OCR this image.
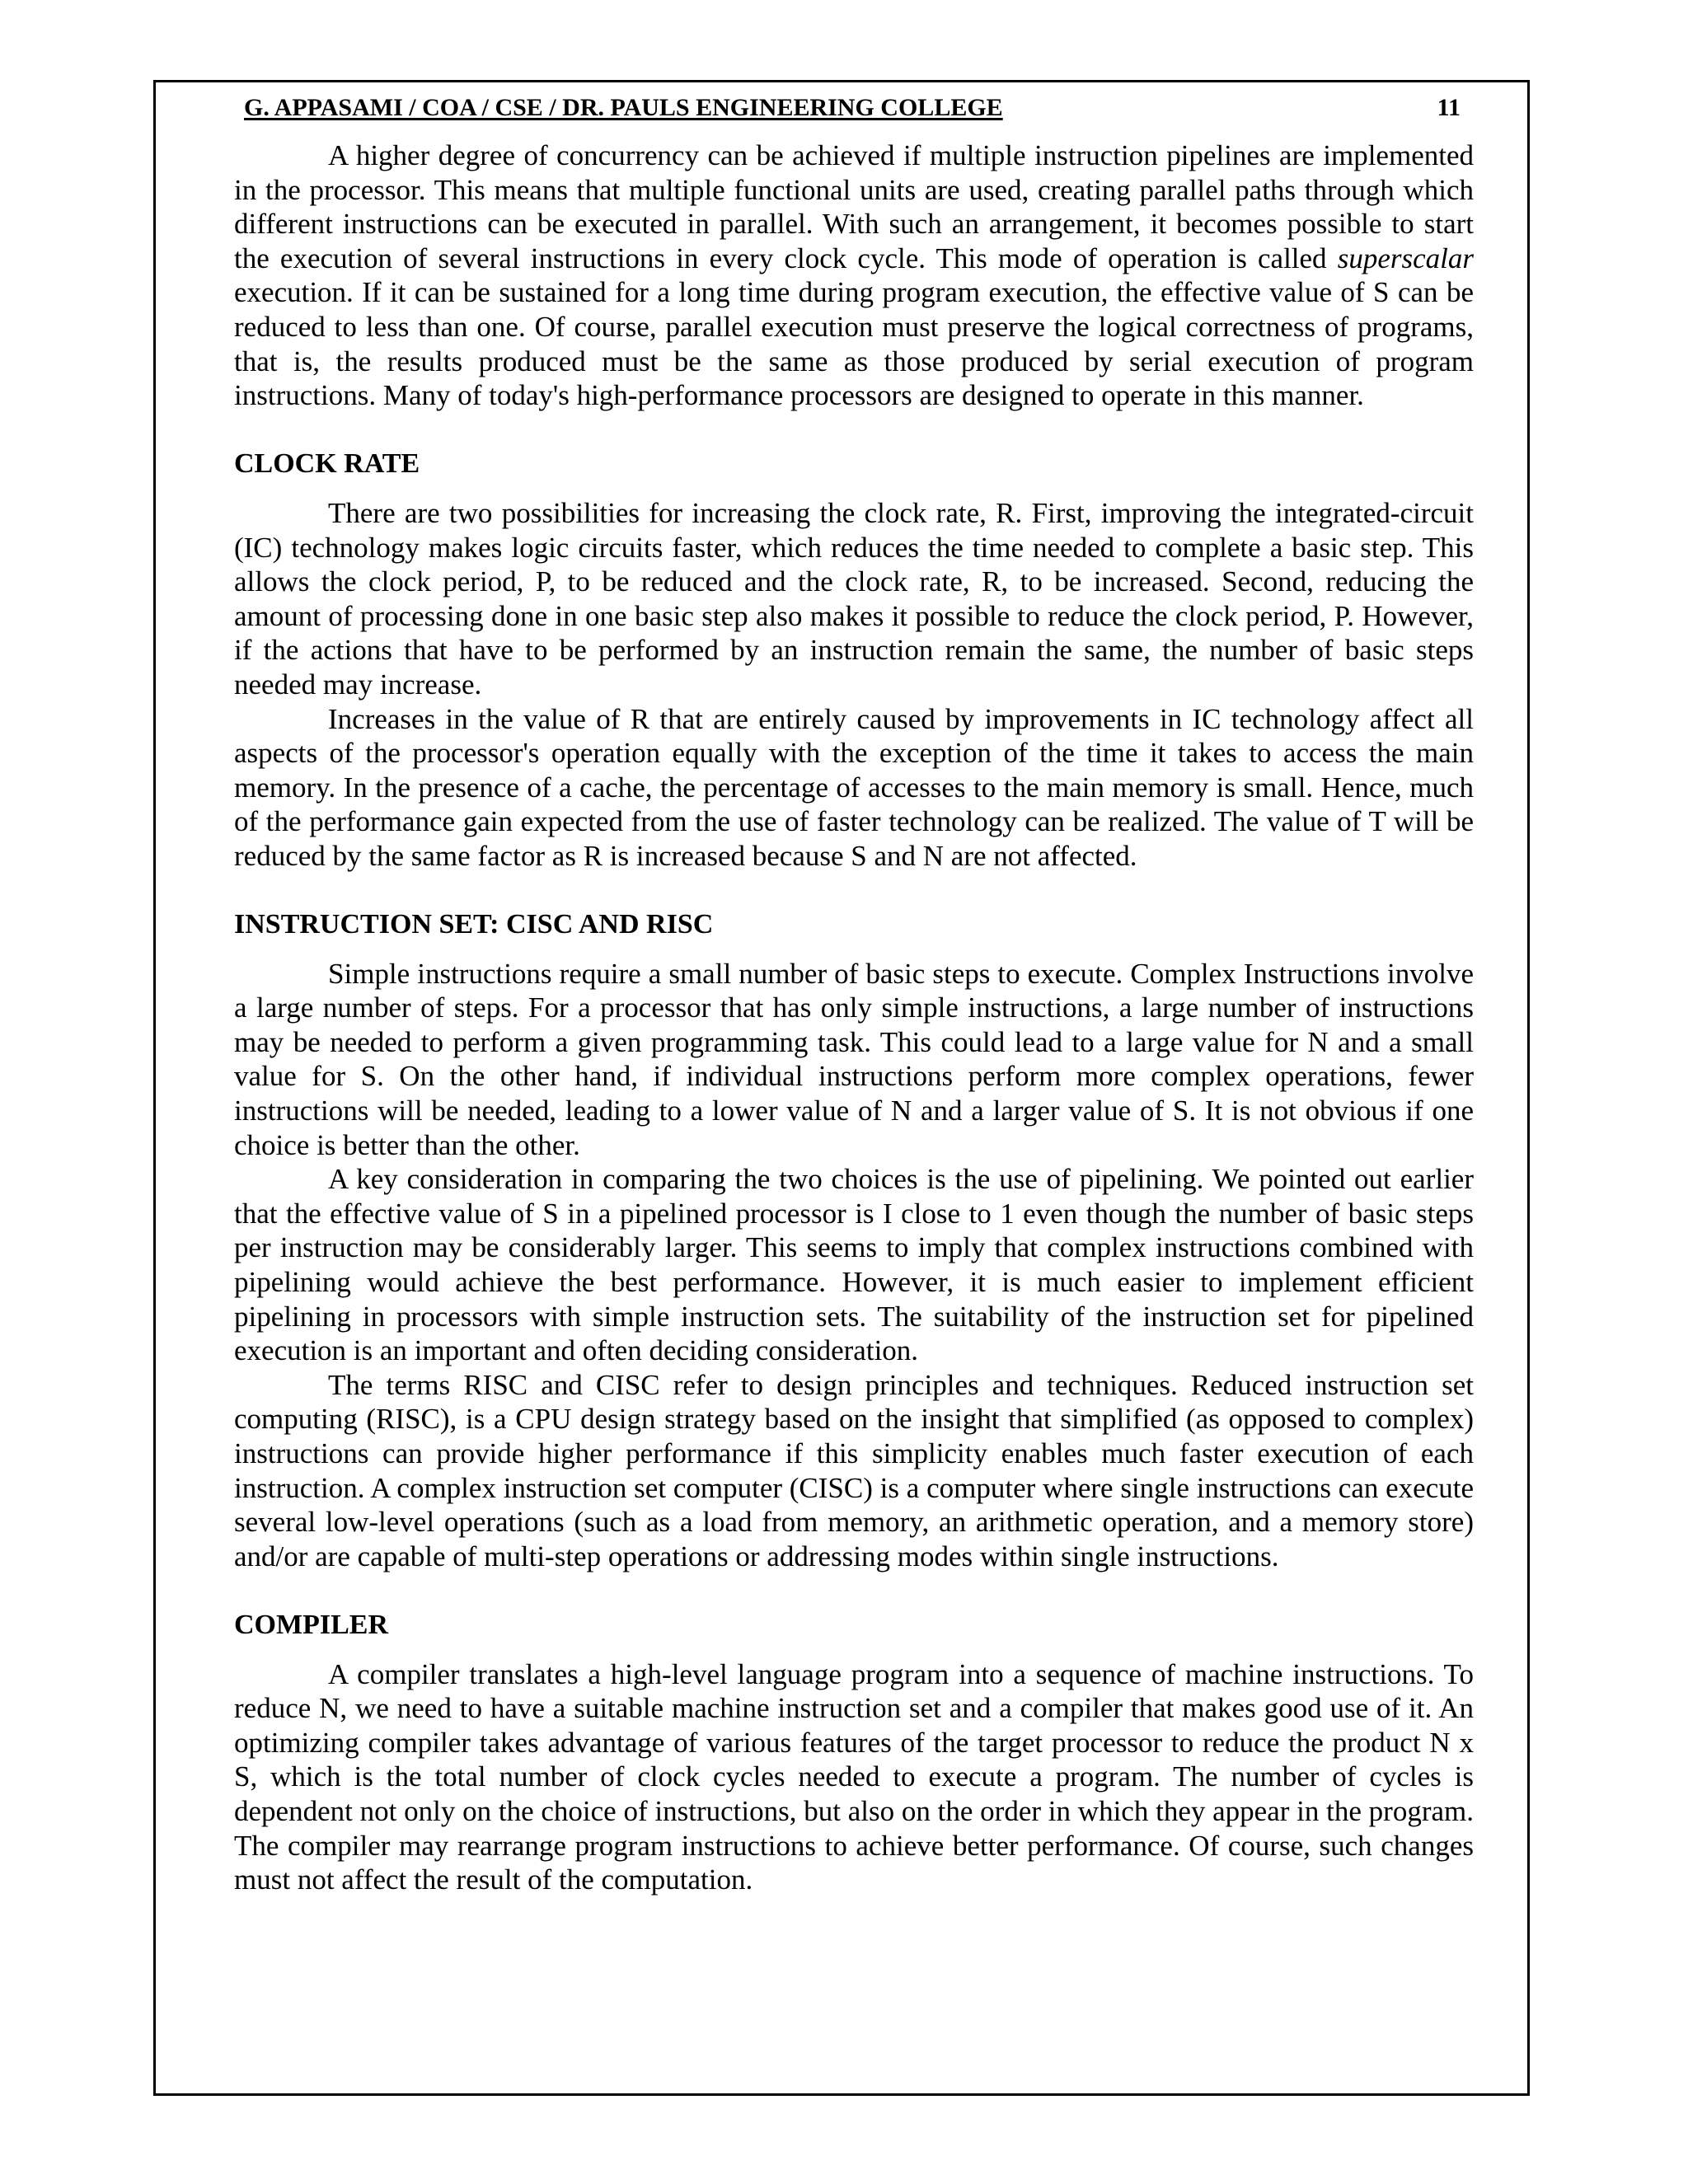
G. APPASAMI / COA / CSE / DR. PAULS ENGINEERING COLLEGE	11

A higher degree of concurrency can be achieved if multiple instruction pipelines are implemented in the processor. This means that multiple functional units are used, creating parallel paths through which different instructions can be executed in parallel. With such an arrangement, it becomes possible to start the execution of several instructions in every clock cycle. This mode of operation is called superscalar execution. If it can be sustained for a long time during program execution, the effective value of S can be reduced to less than one. Of course, parallel execution must preserve the logical correctness of programs, that is, the results produced must be the same as those produced by serial execution of program instructions. Many of today's high-performance processors are designed to operate in this manner.

CLOCK RATE

There are two possibilities for increasing the clock rate, R. First, improving the integrated-circuit (IC) technology makes logic circuits faster, which reduces the time needed to complete a basic step. This allows the clock period, P, to be reduced and the clock rate, R, to be increased. Second, reducing the amount of processing done in one basic step also makes it possible to reduce the clock period, P. However, if the actions that have to be performed by an instruction remain the same, the number of basic steps needed may increase.

Increases in the value of R that are entirely caused by improvements in IC technology affect all aspects of the processor's operation equally with the exception of the time it takes to access the main memory. In the presence of a cache, the percentage of accesses to the main memory is small. Hence, much of the performance gain expected from the use of faster technology can be realized. The value of T will be reduced by the same factor as R is increased because S and N are not affected.

INSTRUCTION SET: CISC AND RISC

Simple instructions require a small number of basic steps to execute. Complex Instructions involve a large number of steps. For a processor that has only simple instructions, a large number of instructions may be needed to perform a given programming task. This could lead to a large value for N and a small value for S. On the other hand, if individual instructions perform more complex operations, fewer instructions will be needed, leading to a lower value of N and a larger value of S. It is not obvious if one choice is better than the other.

A key consideration in comparing the two choices is the use of pipelining. We pointed out earlier that the effective value of S in a pipelined processor is I close to 1 even though the number of basic steps per instruction may be considerably larger. This seems to imply that complex instructions combined with pipelining would achieve the best performance. However, it is much easier to implement efficient pipelining in processors with simple instruction sets. The suitability of the instruction set for pipelined execution is an important and often deciding consideration.

The terms RISC and CISC refer to design principles and techniques. Reduced instruction set computing (RISC), is a CPU design strategy based on the insight that simplified (as opposed to complex) instructions can provide higher performance if this simplicity enables much faster execution of each instruction. A complex instruction set computer (CISC) is a computer where single instructions can execute several low-level operations (such as a load from memory, an arithmetic operation, and a memory store) and/or are capable of multi-step operations or addressing modes within single instructions.

COMPILER

A compiler translates a high-level language program into a sequence of machine instructions. To reduce N, we need to have a suitable machine instruction set and a compiler that makes good use of it. An optimizing compiler takes advantage of various features of the target processor to reduce the product N x S, which is the total number of clock cycles needed to execute a program. The number of cycles is dependent not only on the choice of instructions, but also on the order in which they appear in the program. The compiler may rearrange program instructions to achieve better performance. Of course, such changes must not affect the result of the computation.
